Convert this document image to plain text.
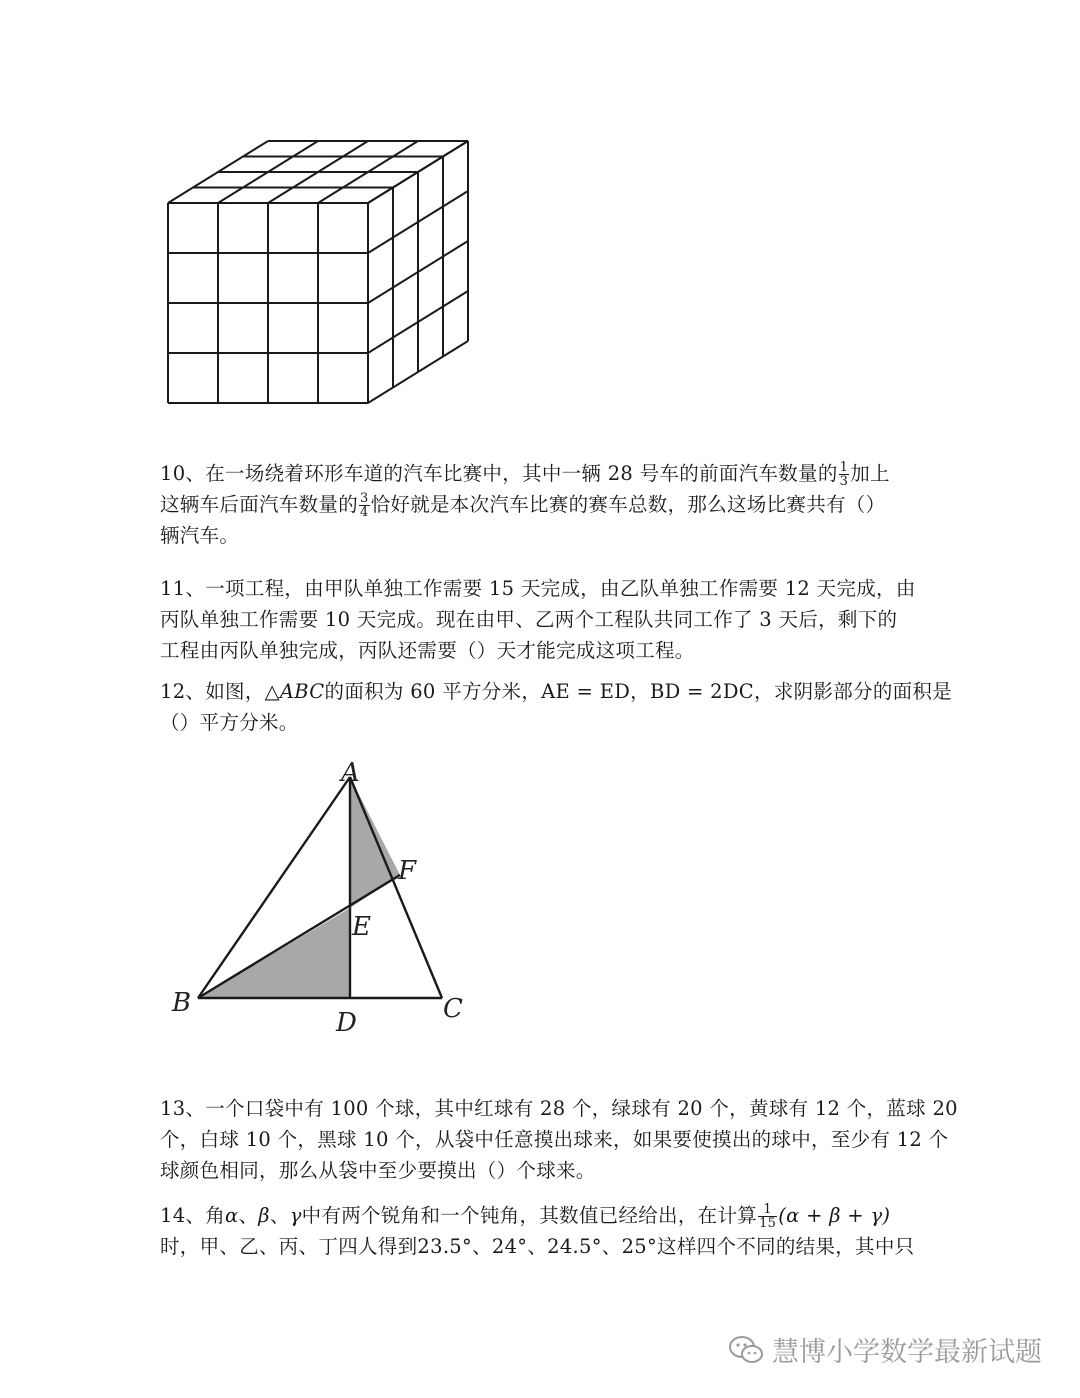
10、在一场绕着环形车道的汽车比赛中，其中一辆 28 号车的前面汽车数量的 $\frac{1}{3}$ 加上
这辆车后面汽车数量的 $\frac{3}{4}$ 恰好就是本次汽车比赛的赛车总数，那么这场比赛共有（）
辆汽车。
11、一项工程，由甲队单独工作需要 15 天完成，由乙队单独工作需要 12 天完成，由
丙队单独工作需要 10 天完成。现在由甲、乙两个工程队共同工作了 3 天后，剩下的
工程由丙队单独完成，丙队还需要（）天才能完成这项工程。
12、如图，△ABC的面积为 60 平方分米，AE = ED，BD = 2DC，求阴影部分的面积是
（）平方分米。
A
F
E
B
D	C
13、一个口袋中有 100 个球，其中红球有 28 个，绿球有 20 个，黄球有 12 个，蓝球 20
个，白球 10 个，黑球 10 个，从袋中任意摸出球来，如果要使摸出的球中，至少有 12 个
球颜色相同，那么从袋中至少要摸出（）个球来。
14、角α、β、γ中有两个锐角和一个钝角，其数值已经给出，在计算 $\frac{1}{15} (\alpha + \beta + \gamma)$
时，甲、乙、丙、丁四人得到23.5°、24°、24.5°、25°这样四个不同的结果，其中只
慧博小学数学最新试题
